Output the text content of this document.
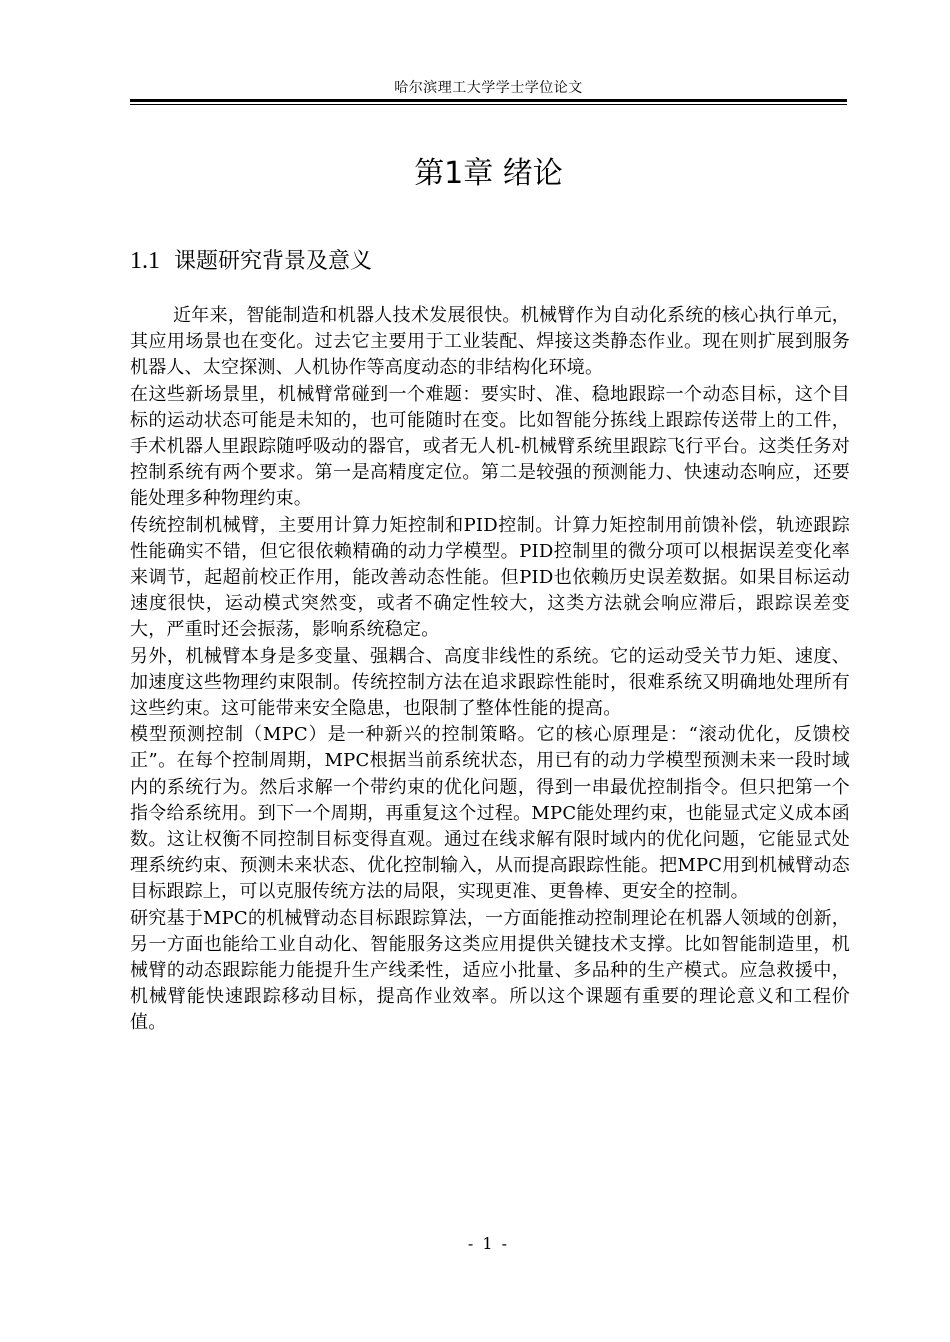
哈尔滨理工大学学士学位论文
第1章 绪论
1.1 课题研究背景及意义

近年来，智能制造和机器人技术发展很快。机械臂作为自动化系统的核心执行单元，其应用场景也在变化。过去它主要用于工业装配、焊接这类静态作业。现在则扩展到服务机器人、太空探测、人机协作等高度动态的非结构化环境。

在这些新场景里，机械臂常碰到一个难题：要实时、准、稳地跟踪一个动态目标，这个目标的运动状态可能是未知的，也可能随时在变。比如智能分拣线上跟踪传送带上的工件，手术机器人里跟踪随呼吸动的器官，或者无人机-机械臂系统里跟踪飞行平台。这类任务对控制系统有两个要求。第一是高精度定位。第二是较强的预测能力、快速动态响应，还要能处理多种物理约束。

传统控制机械臂，主要用计算力矩控制和PID控制。计算力矩控制用前馈补偿，轨迹跟踪性能确实不错，但它很依赖精确的动力学模型。PID控制里的微分项可以根据误差变化率来调节，起超前校正作用，能改善动态性能。但PID也依赖历史误差数据。如果目标运动速度很快，运动模式突然变，或者不确定性较大，这类方法就会响应滞后，跟踪误差变大，严重时还会振荡，影响系统稳定。

另外，机械臂本身是多变量、强耦合、高度非线性的系统。它的运动受关节力矩、速度、加速度这些物理约束限制。传统控制方法在追求跟踪性能时，很难系统又明确地处理所有这些约束。这可能带来安全隐患，也限制了整体性能的提高。

模型预测控制（MPC）是一种新兴的控制策略。它的核心原理是：“滚动优化，反馈校正”。在每个控制周期，MPC根据当前系统状态，用已有的动力学模型预测未来一段时域内的系统行为。然后求解一个带约束的优化问题，得到一串最优控制指令。但只把第一个指令给系统用。到下一个周期，再重复这个过程。MPC能处理约束，也能显式定义成本函数。这让权衡不同控制目标变得直观。通过在线求解有限时域内的优化问题，它能显式处理系统约束、预测未来状态、优化控制输入，从而提高跟踪性能。把MPC用到机械臂动态目标跟踪上，可以克服传统方法的局限，实现更准、更鲁棒、更安全的控制。

研究基于MPC的机械臂动态目标跟踪算法，一方面能推动控制理论在机器人领域的创新，另一方面也能给工业自动化、智能服务这类应用提供关键技术支撑。比如智能制造里，机械臂的动态跟踪能力能提升生产线柔性，适应小批量、多品种的生产模式。应急救援中，机械臂能快速跟踪移动目标，提高作业效率。所以这个课题有重要的理论意义和工程价值。

- 1 -
